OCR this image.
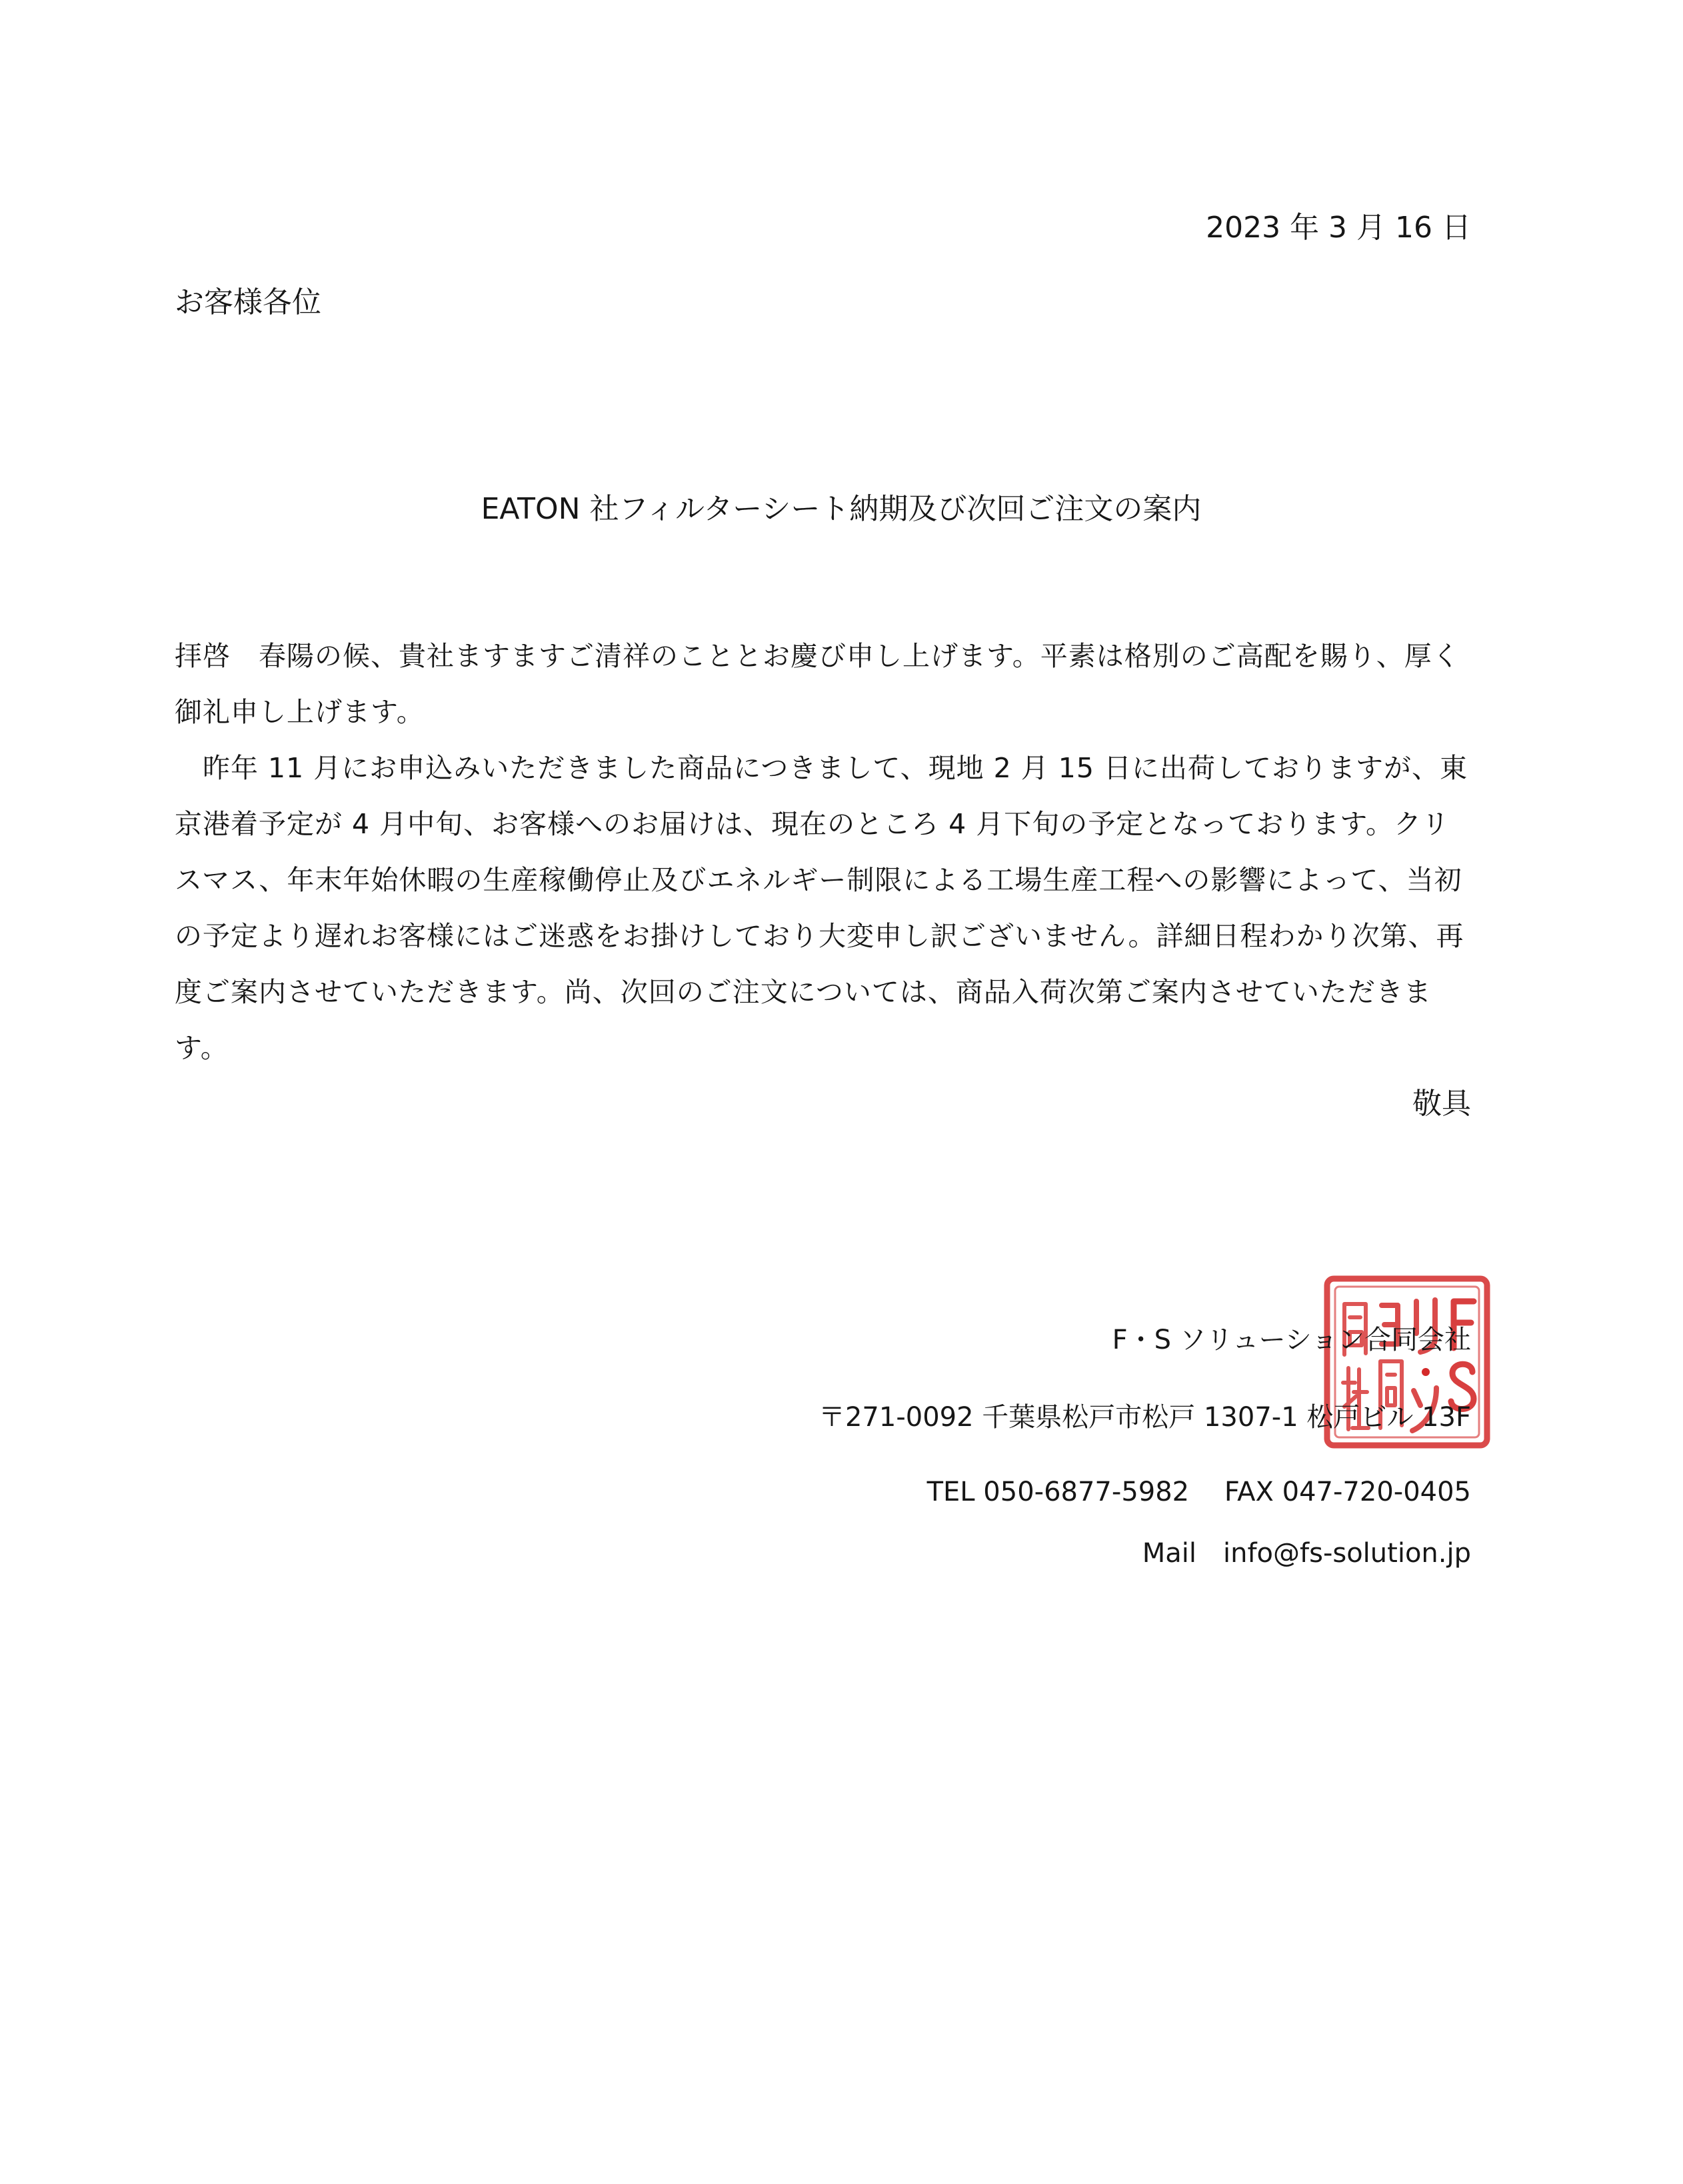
2023 年 3 月 16 日
お客様各位
EATON 社フィルターシート納期及び次回ご注文の案内

拝啓　春陽の候、貴社ますますご清祥のこととお慶び申し上げます。平素は格別のご高配を賜り、厚く御礼申し上げます。

　昨年 11 月にお申込みいただきました商品につきまして、現地 2 月 15 日に出荷しておりますが、東京港着予定が 4 月中旬、お客様へのお届けは、現在のところ 4 月下旬の予定となっております。クリスマス、年末年始休暇の生産稼働停止及びエネルギー制限による工場生産工程への影響によって、当初の予定より遅れお客様にはご迷惑をお掛けしており大変申し訳ございません。詳細日程わかり次第、再度ご案内させていただきます。尚、次回のご注文については、商品入荷次第ご案内させていただきます。

敬具
F・S ソリューション合同会社
〒271-0092 千葉県松戸市松戸 1307-1 松戸ビル 13F
TEL 050-6877-5982　 FAX 047-720-0405
Mail　info@fs-solution.jp
